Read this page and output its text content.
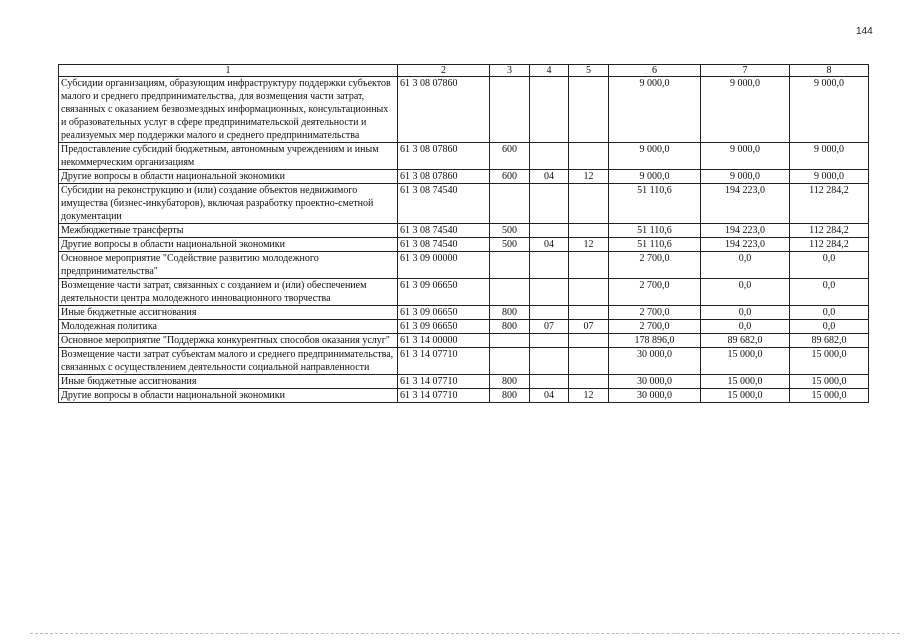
144
1	2	3	4	5	6	7	8
Субсидии организациям, образующим инфраструктуру поддержки субъектов малого и среднего предпринимательства, для возмещения части затрат, связанных с оказанием безвозмездных информационных, консультационных и образовательных услуг в сфере предпринимательской деятельности и реализуемых мер поддержки малого и среднего предпринимательства	61 3 08 07860				9 000,0	9 000,0	9 000,0
Предоставление субсидий бюджетным, автономным учреждениям и иным некоммерческим организациям	61 3 08 07860	600			9 000,0	9 000,0	9 000,0
Другие вопросы в области национальной экономики	61 3 08 07860	600	04	12	9 000,0	9 000,0	9 000,0
Субсидии на реконструкцию и (или) создание объектов недвижимого имущества (бизнес-инкубаторов), включая разработку проектно-сметной документации	61 3 08 74540				51 110,6	194 223,0	112 284,2
Межбюджетные трансферты	61 3 08 74540	500			51 110,6	194 223,0	112 284,2
Другие вопросы в области национальной экономики	61 3 08 74540	500	04	12	51 110,6	194 223,0	112 284,2
Основное мероприятие "Содействие развитию молодежного предпринимательства"	61 3 09 00000				2 700,0	0,0	0,0
Возмещение части затрат, связанных с созданием и (или) обеспечением деятельности центра молодежного инновационного творчества	61 3 09 06650				2 700,0	0,0	0,0
Иные бюджетные ассигнования	61 3 09 06650	800			2 700,0	0,0	0,0
Молодежная политика	61 3 09 06650	800	07	07	2 700,0	0,0	0,0
Основное мероприятие "Поддержка конкурентных способов оказания услуг"	61 3 14 00000				178 896,0	89 682,0	89 682,0
Возмещение части затрат субъектам малого и среднего предпринимательства, связанных с осуществлением деятельности социальной направленности	61 3 14 07710				30 000,0	15 000,0	15 000,0
Иные бюджетные ассигнования	61 3 14 07710	800			30 000,0	15 000,0	15 000,0
Другие вопросы в области национальной экономики	61 3 14 07710	800	04	12	30 000,0	15 000,0	15 000,0
